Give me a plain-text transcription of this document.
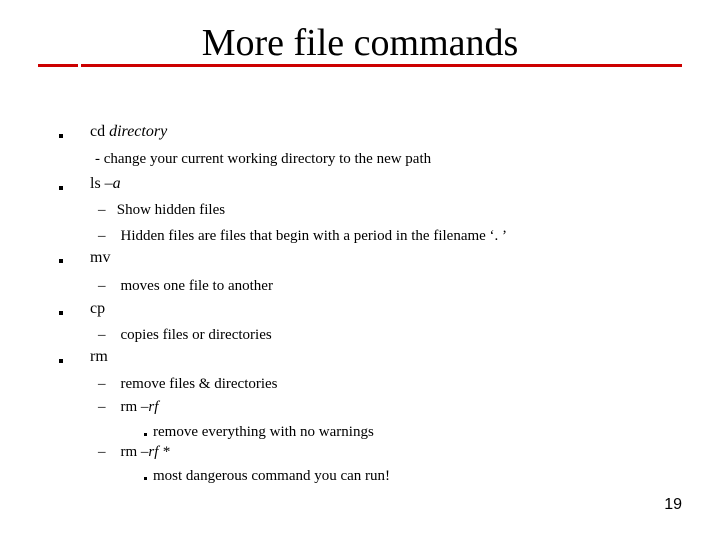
More file commands
cd directory
- change your current working directory to the new path
ls –a
– Show hidden files
– Hidden files are files that begin with a period in the filename ‘. ’
mv
– moves one file to another
cp
– copies files or directories
rm
– remove files & directories
– rm –rf
remove everything with no warnings
– rm –rf *
most dangerous command you can run!
19
